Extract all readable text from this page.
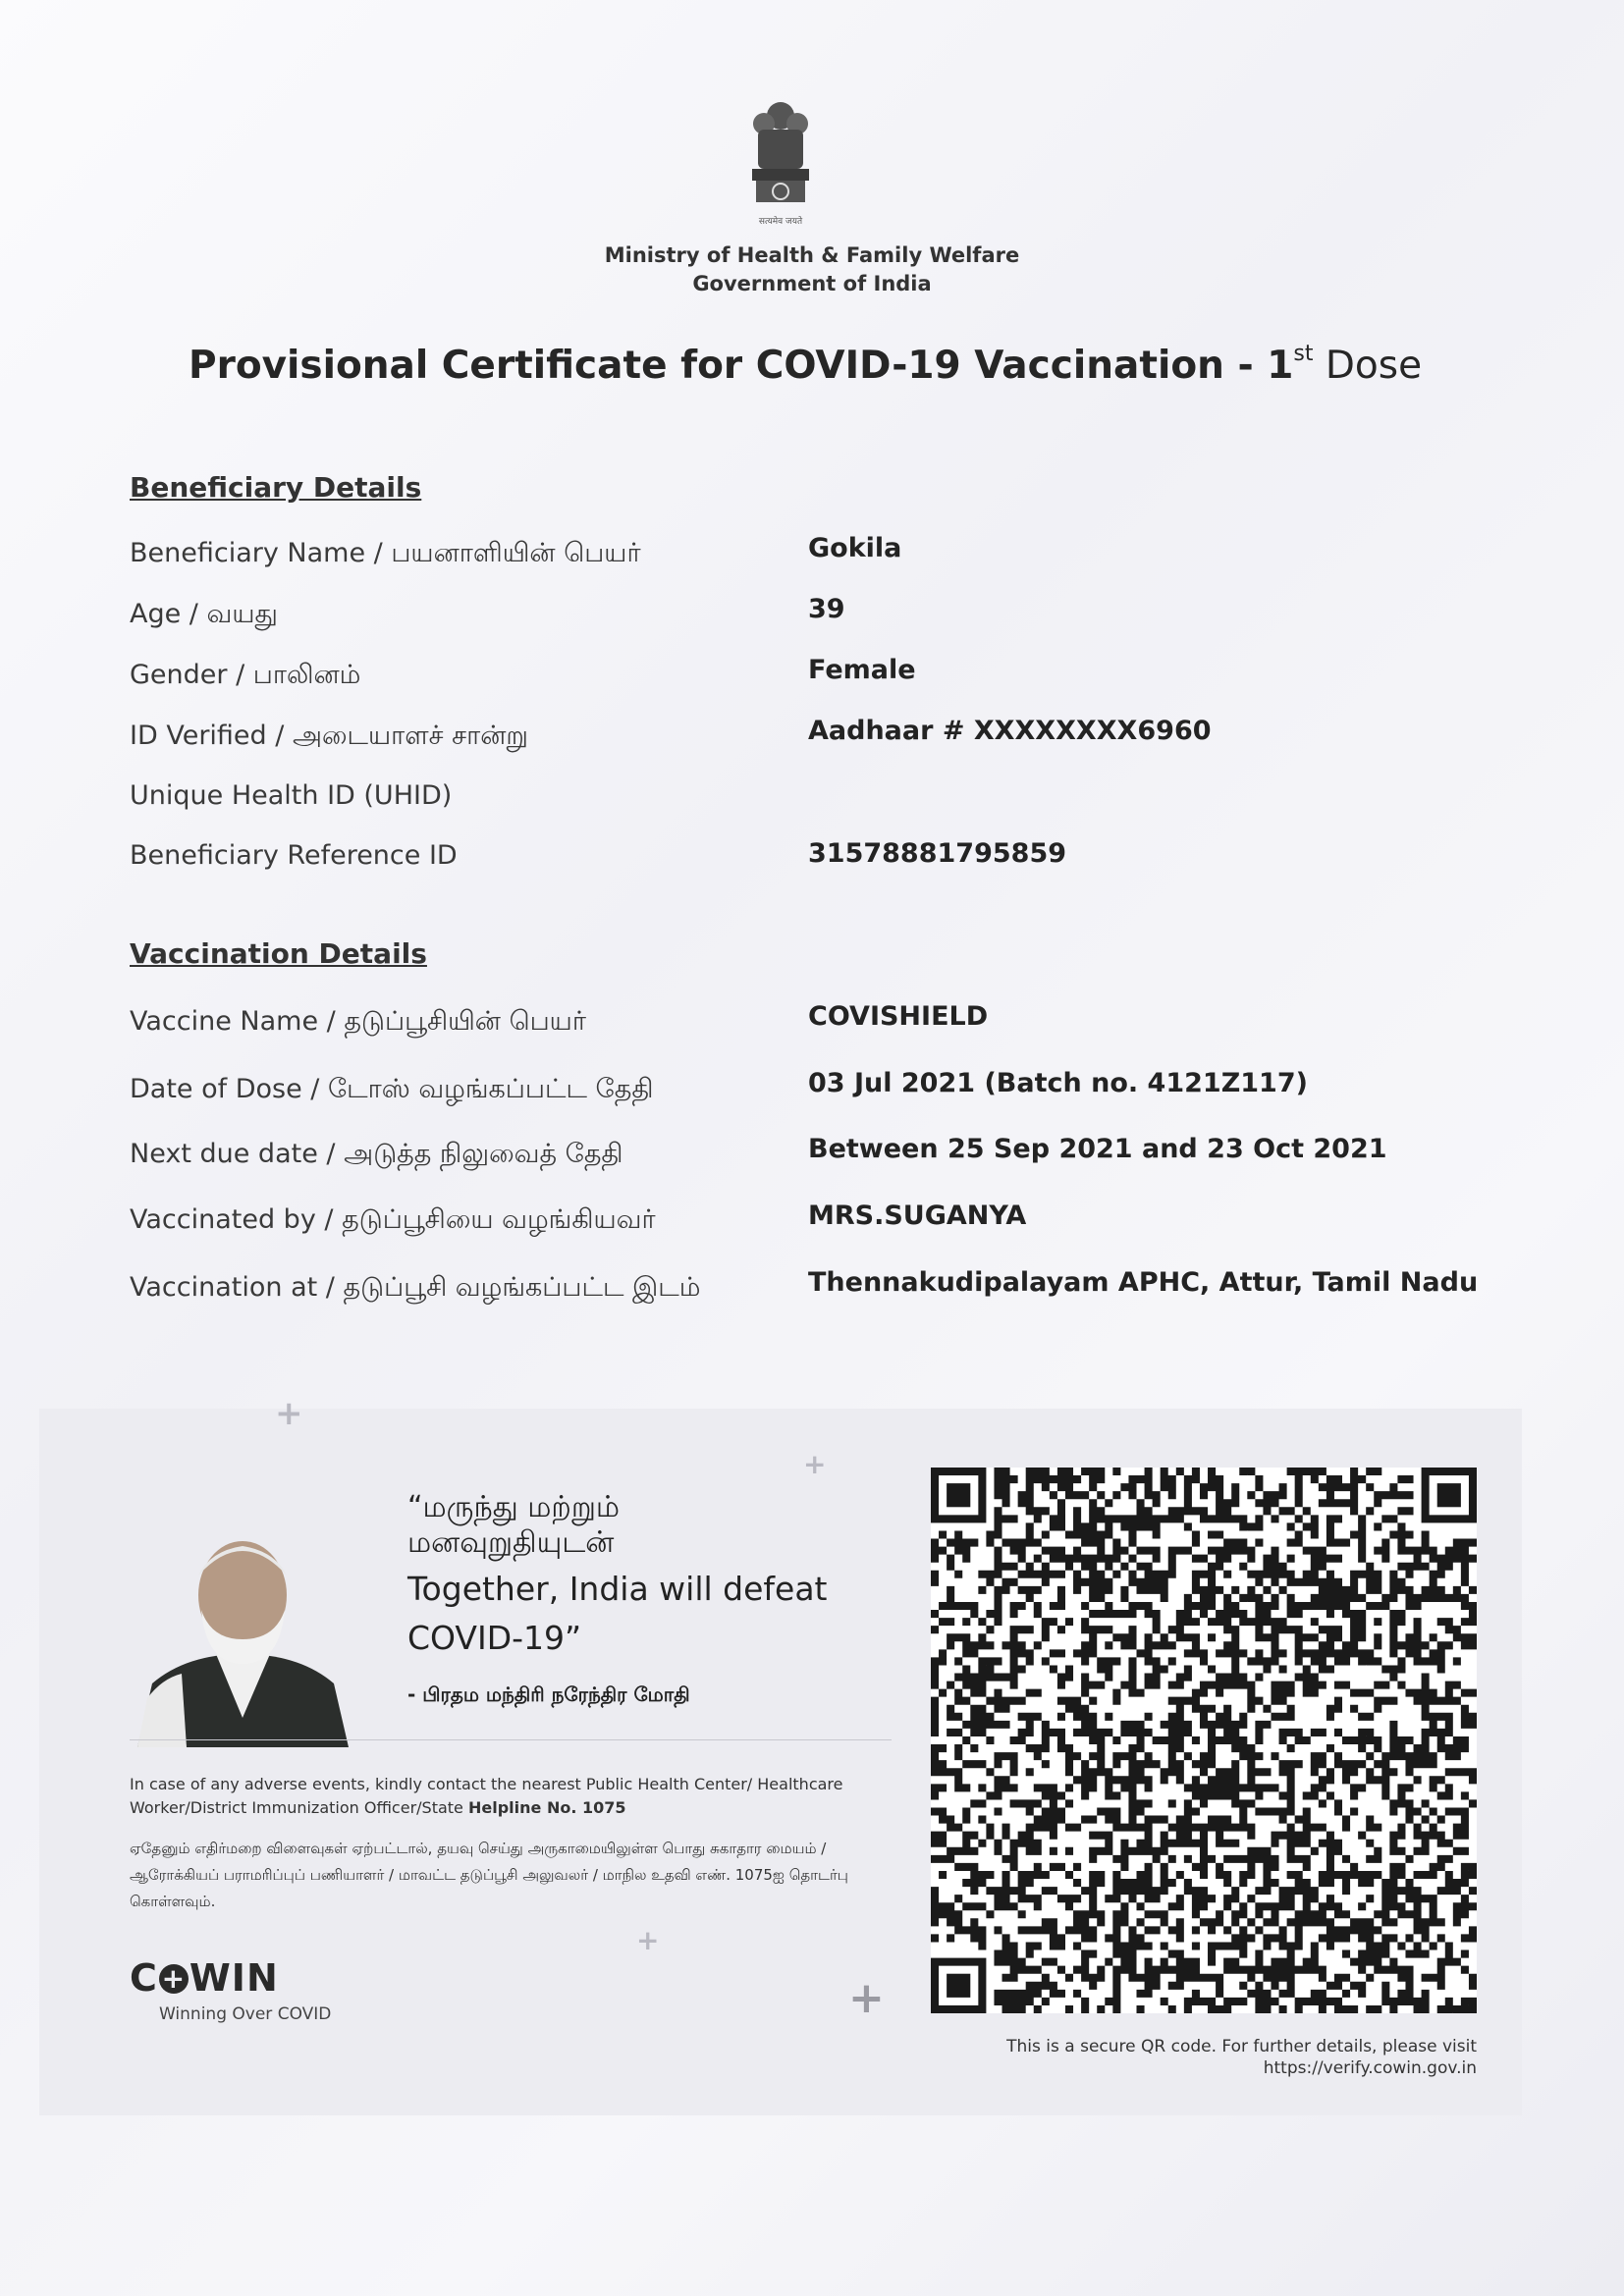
सत्यमेव जयते
Ministry of Health & Family Welfare
Government of India
Provisional Certificate for COVID-19 Vaccination - 1st Dose
Beneficiary Details
Beneficiary Name / பயனாளியின் பெயர்	Gokila
Age / வயது	39
Gender / பாலினம்	Female
ID Verified / அடையாளச் சான்று	Aadhaar # XXXXXXXX6960
Unique Health ID (UHID)
Beneficiary Reference ID	31578881795859
Vaccination Details
Vaccine Name / தடுப்பூசியின் பெயர்	COVISHIELD
Date of Dose / டோஸ் வழங்கப்பட்ட தேதி	03 Jul 2021 (Batch no. 4121Z117)
Next due date / அடுத்த நிலுவைத் தேதி	Between 25 Sep 2021 and 23 Oct 2021
Vaccinated by / தடுப்பூசியை வழங்கியவர்	MRS.SUGANYA
Vaccination at / தடுப்பூசி வழங்கப்பட்ட இடம்	Thennakudipalayam APHC, Attur, Tamil Nadu
+
+
+
+
“மருந்து மற்றும்
மனவுறுதியுடன்
Together, India will defeat
COVID-19”
- பிரதம மந்திரி நரேந்திர மோதி
In case of any adverse events, kindly contact the nearest Public Health Center/ Healthcare Worker/District Immunization Officer/State Helpline No. 1075
ஏதேனும் எதிர்மறை விளைவுகள் ஏற்பட்டால், தயவு செய்து அருகாமையிலுள்ள பொது சுகாதார மையம் / ஆரோக்கியப் பராமரிப்புப் பணியாளர் / மாவட்ட தடுப்பூசி அலுவலர் / மாநில உதவி எண். 1075ஐ தொடர்பு கொள்ளவும்.
C +WIN
Winning Over COVID
This is a secure QR code. For further details, please visit
https://verify.cowin.gov.in
